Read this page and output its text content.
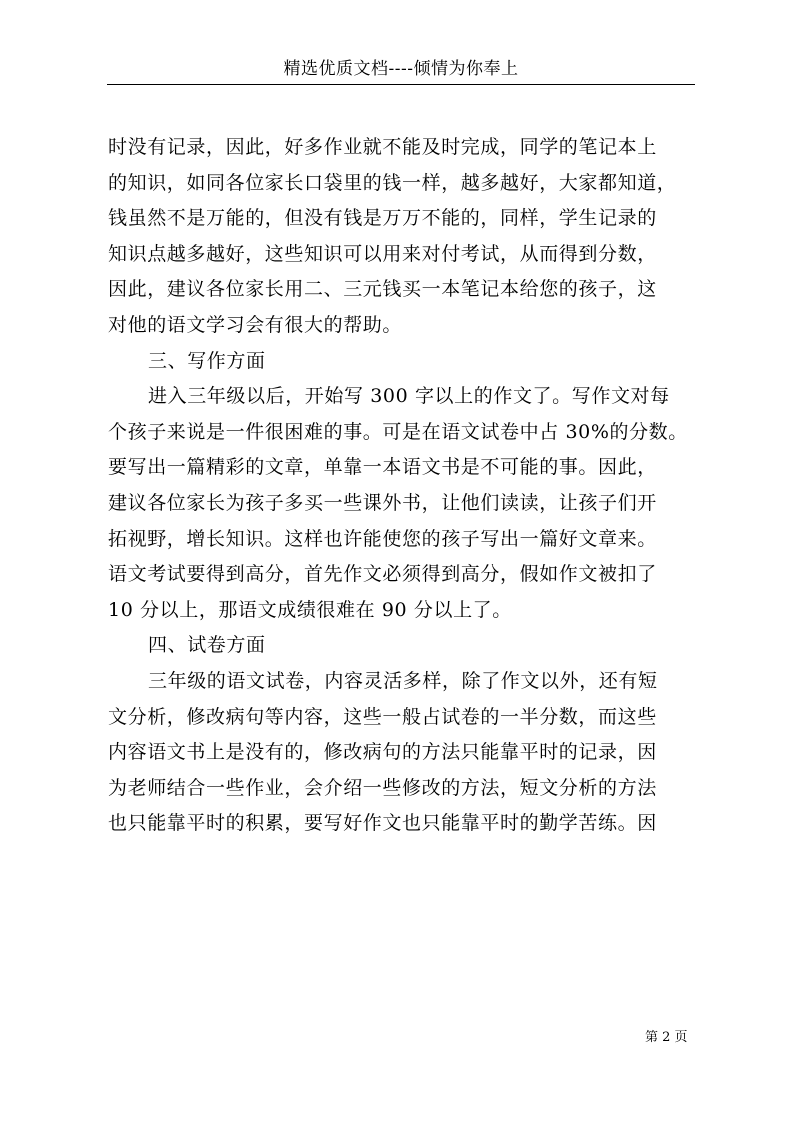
精选优质文档----倾情为你奉上
时没有记录，因此，好多作业就不能及时完成，同学的笔记本上
的知识，如同各位家长口袋里的钱一样，越多越好，大家都知道，
钱虽然不是万能的，但没有钱是万万不能的，同样，学生记录的
知识点越多越好，这些知识可以用来对付考试，从而得到分数，
因此，建议各位家长用二、三元钱买一本笔记本给您的孩子，这
对他的语文学习会有很大的帮助。
三、写作方面
进入三年级以后，开始写 300 字以上的作文了。写作文对每
个孩子来说是一件很困难的事。可是在语文试卷中占 30%的分数。
要写出一篇精彩的文章，单靠一本语文书是不可能的事。因此，
建议各位家长为孩子多买一些课外书，让他们读读，让孩子们开
拓视野，增长知识。这样也许能使您的孩子写出一篇好文章来。
语文考试要得到高分，首先作文必须得到高分，假如作文被扣了
10 分以上，那语文成绩很难在 90 分以上了。
四、试卷方面
三年级的语文试卷，内容灵活多样，除了作文以外，还有短
文分析，修改病句等内容，这些一般占试卷的一半分数，而这些
内容语文书上是没有的，修改病句的方法只能靠平时的记录，因
为老师结合一些作业，会介绍一些修改的方法，短文分析的方法
也只能靠平时的积累，要写好作文也只能靠平时的勤学苦练。因
第 2 页
